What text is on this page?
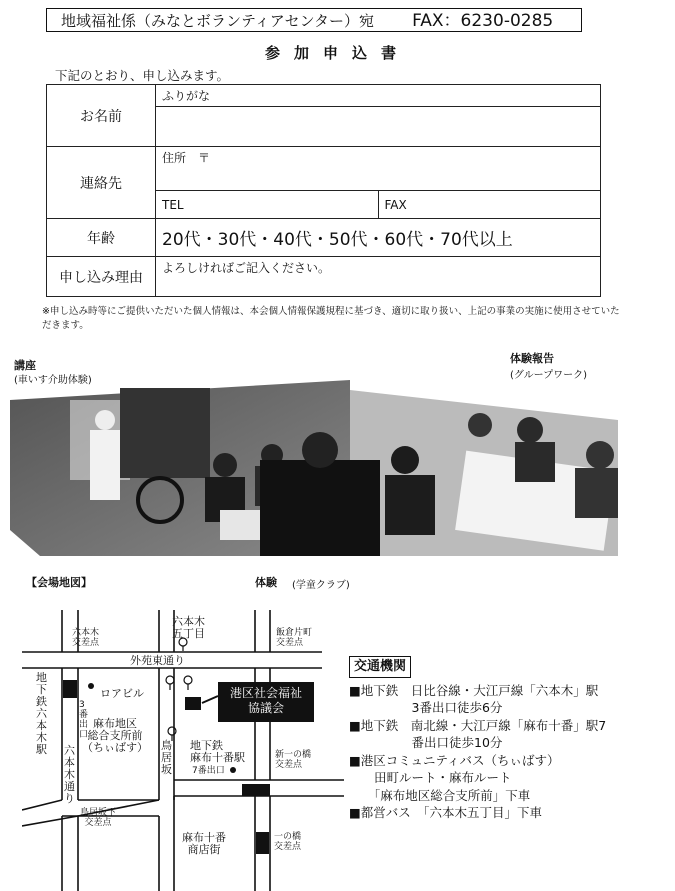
地域福祉係（みなとボランティアセンター）宛 FAX：6230-0285
参加申込書
下記のとおり、申し込みます。
お名前	ふりがな	

連絡先	住所　〒	
	TEL	FAX
年齢	20代・30代・40代・50代・60代・70代以上	
申し込み理由	よろしければご記入ください。	
※申し込み時等にご提供いただいた個人情報は、本会個人情報保護規程に基づき、適切に取り扱い、上記の事業の実施に使用させていただきます。
講座
(車いす介助体験)
体験報告
(グループワーク)
【会場地図】	体験 (学童クラブ)
六本木
交差点
六本木
五丁目	飯倉片町
交差点
外苑東通り
地下鉄六本木駅
3番出口
ロアビル	港区社会福祉
協議会
麻布地区
総合支所前
（ちぃばす） 鳥居坂
地下鉄
麻布十番駅
7番出口
新一の橋
交差点
六本木通り
鳥居坂下
交差点
麻布十番
商店街
一の橋
交差点
交通機関
■地下鉄　日比谷線・大江戸線「六本木」駅
　　　　　3番出口徒歩6分
■地下鉄　南北線・大江戸線「麻布十番」駅7
　　　　　番出口徒歩10分
■港区コミュニティバス（ちぃばす）
　　田町ルート・麻布ルート
　　「麻布地区総合支所前」下車
■都営バス　「六本木五丁目」下車
